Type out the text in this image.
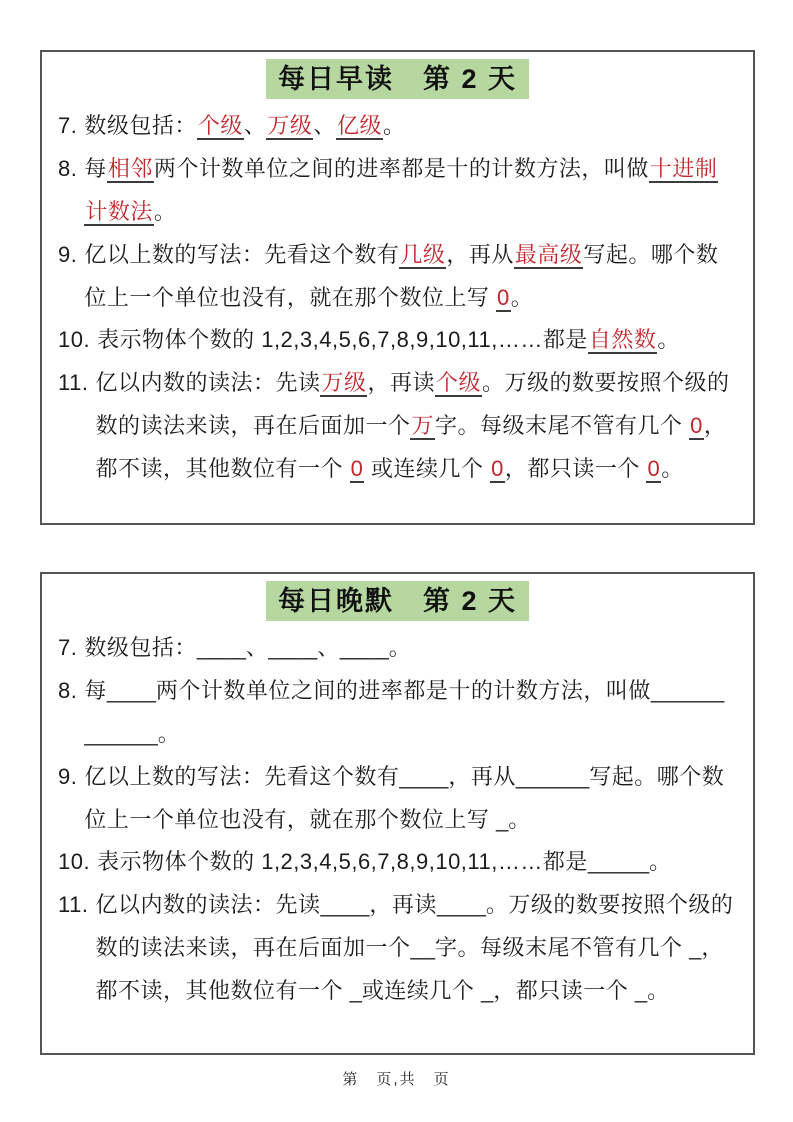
每日早读　第 2 天
7. 数级包括：个级、万级、亿级。
8. 每相邻两个计数单位之间的进率都是十的计数方法，叫做十进制计数法。
9. 亿以上数的写法：先看这个数有几级，再从最高级写起。哪个数位上一个单位也没有，就在那个数位上写 0。
10. 表示物体个数的 1,2,3,4,5,6,7,8,9,10,11,……都是自然数。
11. 亿以内数的读法：先读万级，再读个级。万级的数要按照个级的数的读法来读，再在后面加一个万字。每级末尾不管有几个 0，都不读，其他数位有一个 0 或连续几个 0，都只读一个 0。
每日晚默　第 2 天
7. 数级包括：____、____、____。
8. 每____两个计数单位之间的进率都是十的计数方法，叫做______ ______。
9. 亿以上数的写法：先看这个数有____，再从______写起。哪个数位上一个单位也没有，就在那个数位上写 _。
10. 表示物体个数的 1,2,3,4,5,6,7,8,9,10,11,……都是_____。
11. 亿以内数的读法：先读____，再读____。万级的数要按照个级的数的读法来读，再在后面加一个__字。每级末尾不管有几个 _，都不读，其他数位有一个 _或连续几个 _，都只读一个 _。
第　页,共　页
